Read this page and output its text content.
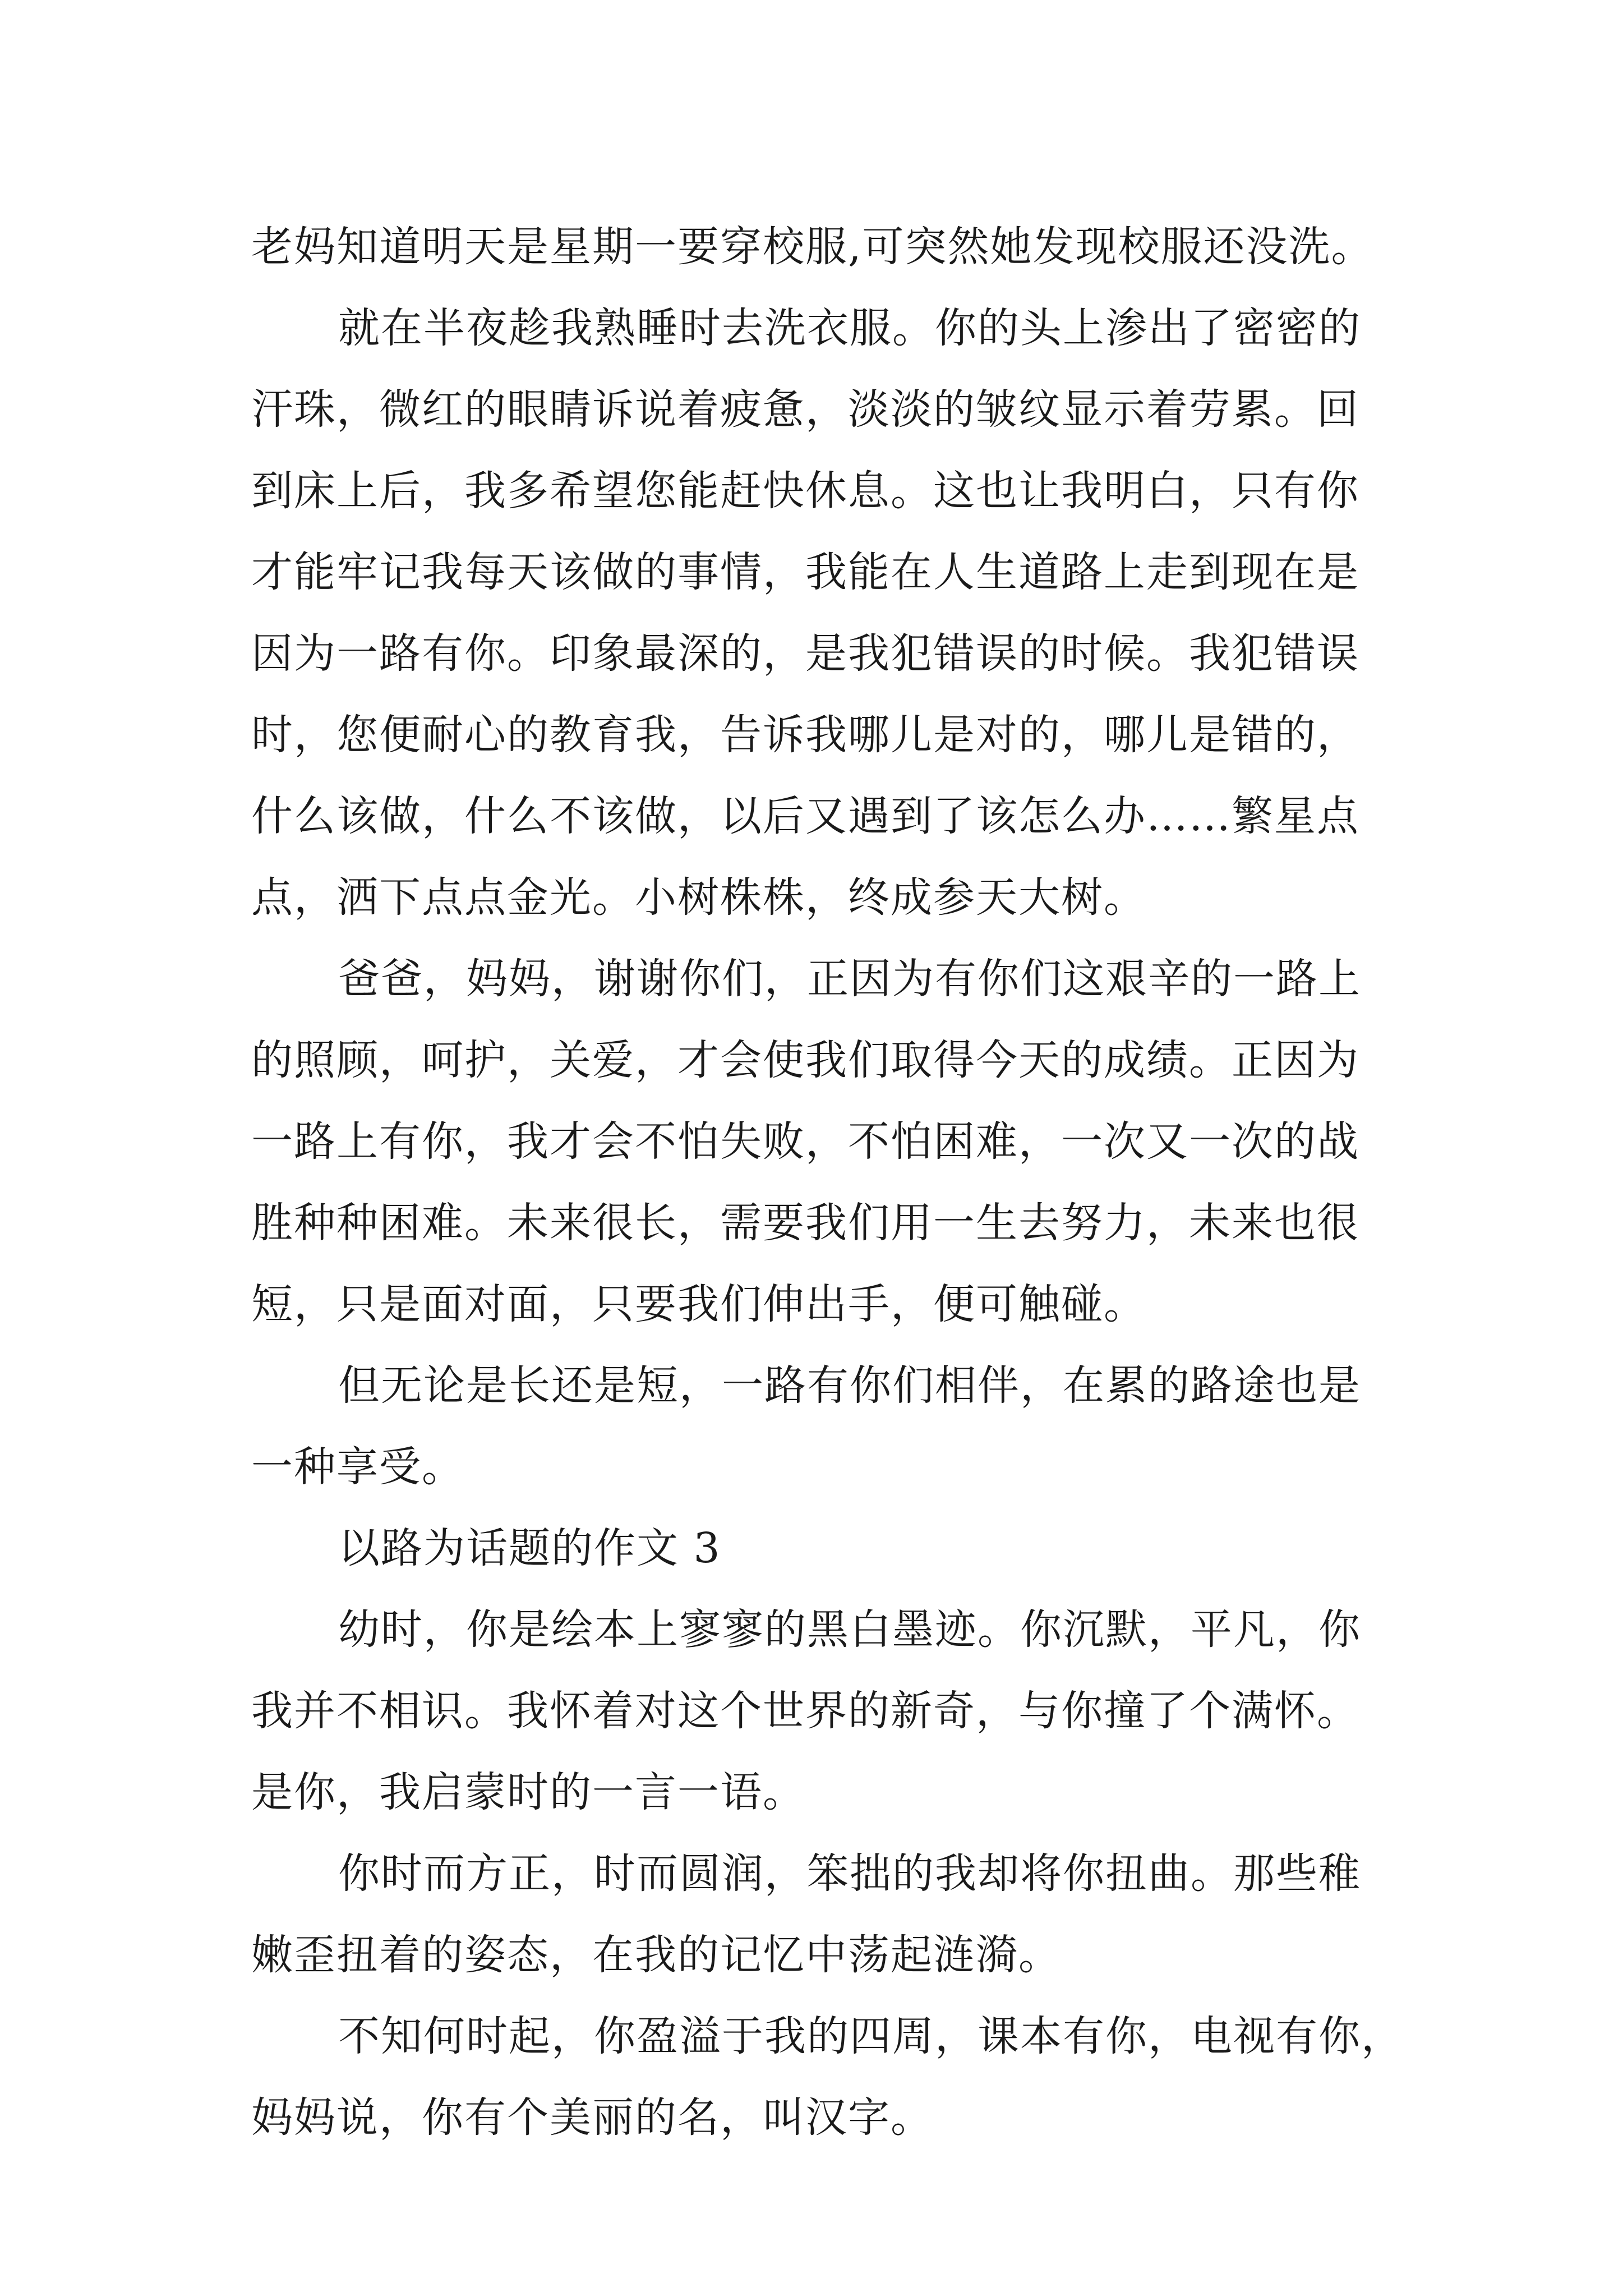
老妈知道明天是星期一要穿校服,可突然她发现校服还没洗。
就在半夜趁我熟睡时去洗衣服。你的头上渗出了密密的
汗珠，微红的眼睛诉说着疲惫，淡淡的皱纹显示着劳累。回
到床上后，我多希望您能赶快休息。这也让我明白，只有你
才能牢记我每天该做的事情，我能在人生道路上走到现在是
因为一路有你。印象最深的，是我犯错误的时候。我犯错误
时，您便耐心的教育我，告诉我哪儿是对的，哪儿是错的，
什么该做，什么不该做，以后又遇到了该怎么办……繁星点
点，洒下点点金光。小树株株，终成参天大树。
爸爸，妈妈，谢谢你们，正因为有你们这艰辛的一路上
的照顾，呵护，关爱，才会使我们取得今天的成绩。正因为
一路上有你，我才会不怕失败，不怕困难，一次又一次的战
胜种种困难。未来很长，需要我们用一生去努力，未来也很
短，只是面对面，只要我们伸出手，便可触碰。
但无论是长还是短，一路有你们相伴，在累的路途也是
一种享受。
以路为话题的作文 3
幼时，你是绘本上寥寥的黑白墨迹。你沉默，平凡，你
我并不相识。我怀着对这个世界的新奇，与你撞了个满怀。
是你，我启蒙时的一言一语。
你时而方正，时而圆润，笨拙的我却将你扭曲。那些稚
嫩歪扭着的姿态，在我的记忆中荡起涟漪。
不知何时起，你盈溢于我的四周，课本有你，电视有你，
妈妈说，你有个美丽的名，叫汉字。
